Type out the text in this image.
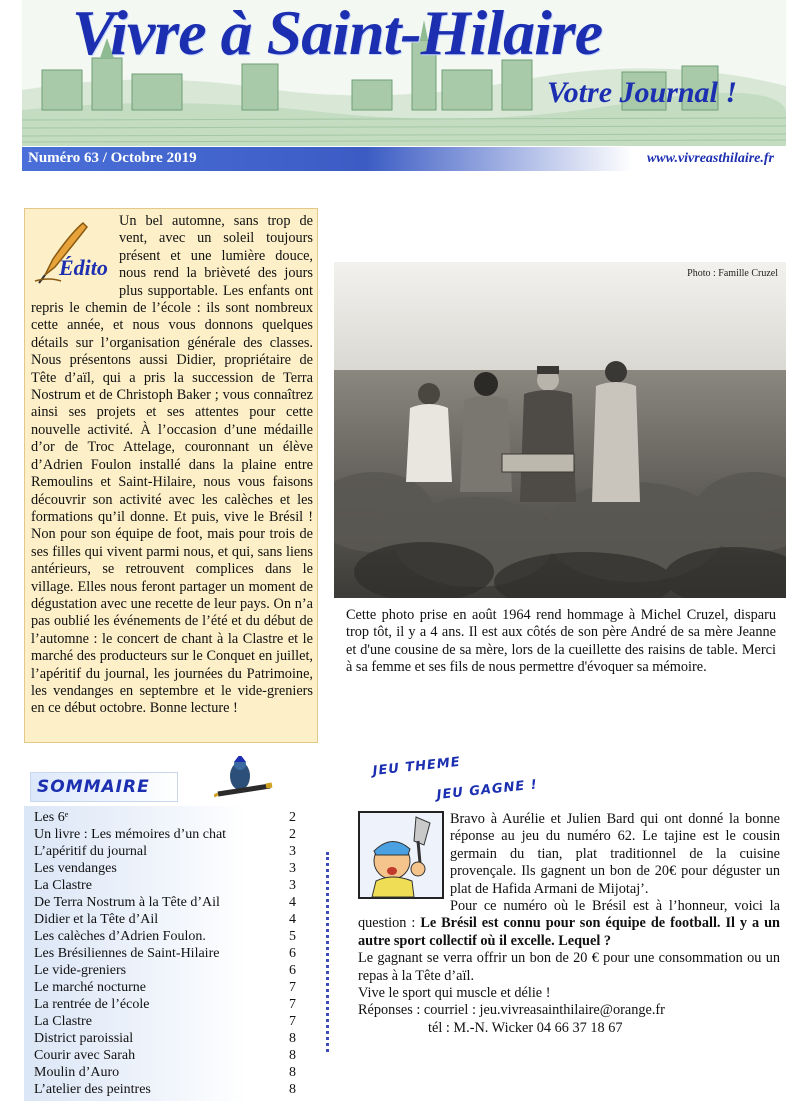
Vivre à Saint-Hilaire
Votre Journal !
Numéro 63 / Octobre 2019	www.vivreasthilaire.fr
Édito
Un bel automne, sans trop de vent, avec un soleil toujours présent et une lumière douce, nous rend la brièveté des jours plus supportable. Les enfants ont repris le chemin de l’école : ils sont nombreux cette année, et nous vous donnons quelques détails sur l’organisation générale des classes. Nous présentons aussi Didier, propriétaire de Tête d’aïl, qui a pris la succession de Terra Nostrum et de Christoph Baker ; vous connaîtrez ainsi ses projets et ses attentes pour cette nouvelle activité. À l’occasion d’une médaille d’or de Troc Attelage, couronnant un élève d’Adrien Foulon installé dans la plaine entre Remoulins et Saint-Hilaire, nous vous faisons découvrir son activité avec les calèches et les formations qu’il donne. Et puis, vive le Brésil ! Non pour son équipe de foot, mais pour trois de ses filles qui vivent parmi nous, et qui, sans liens antérieurs, se retrouvent complices dans le village. Elles nous feront partager un moment de dégustation avec une recette de leur pays. On n’a pas oublié les événements de l’été et du début de l’automne : le concert de chant à la Clastre et le marché des producteurs sur le Conquet en juillet, l’apéritif du journal, les journées du Patrimoine, les vendanges en septembre et le vide-greniers en ce début octobre. Bonne lecture !
Photo : Famille Cruzel
Cette photo prise en août 1964 rend hommage à Michel Cruzel, disparu trop tôt, il y a 4 ans. Il est aux côtés de son père André de sa mère Jeanne et d'une cousine de sa mère, lors de la cueillette des raisins de table. Merci à sa femme et ses fils de nous permettre d'évoquer sa mémoire.
SOMMAIRE
Les 6ᵉ	2
Un livre : Les mémoires d’un chat	2
L’apéritif du journal	3
Les vendanges	3
La Clastre	3
De Terra Nostrum à la Tête d’Ail	4
Didier et la Tête d’Ail	4
Les calèches d’Adrien Foulon.	5
Les Brésiliennes de Saint-Hilaire	6
Le vide-greniers	6
Le marché nocturne	7
La rentrée de l’école	7
La Clastre	7
District paroissial	8
Courir avec Sarah	8
Moulin d’Auro	8
L’atelier des peintres	8
JEU THEME
JEU GAGNE !
Bravo à Aurélie et Julien Bard qui ont donné la bonne réponse au jeu du numéro 62. Le tajine est le cousin germain du tian, plat traditionnel de la cuisine provençale. Ils gagnent un bon de 20€ pour déguster un plat de Hafida Armani de Mijotaj’.
Pour ce numéro où le Brésil est à l’honneur, voici la question : Le Brésil est connu pour son équipe de football. Il y a un autre sport collectif où il excelle. Lequel ?
Le gagnant se verra offrir un bon de 20 € pour une consommation ou un repas à la Tête d’aïl.
Vive le sport qui muscle et délie !
Réponses : courriel : jeu.vivreasainthilaire@orange.fr
tél : M.-N. Wicker 04 66 37 18 67
